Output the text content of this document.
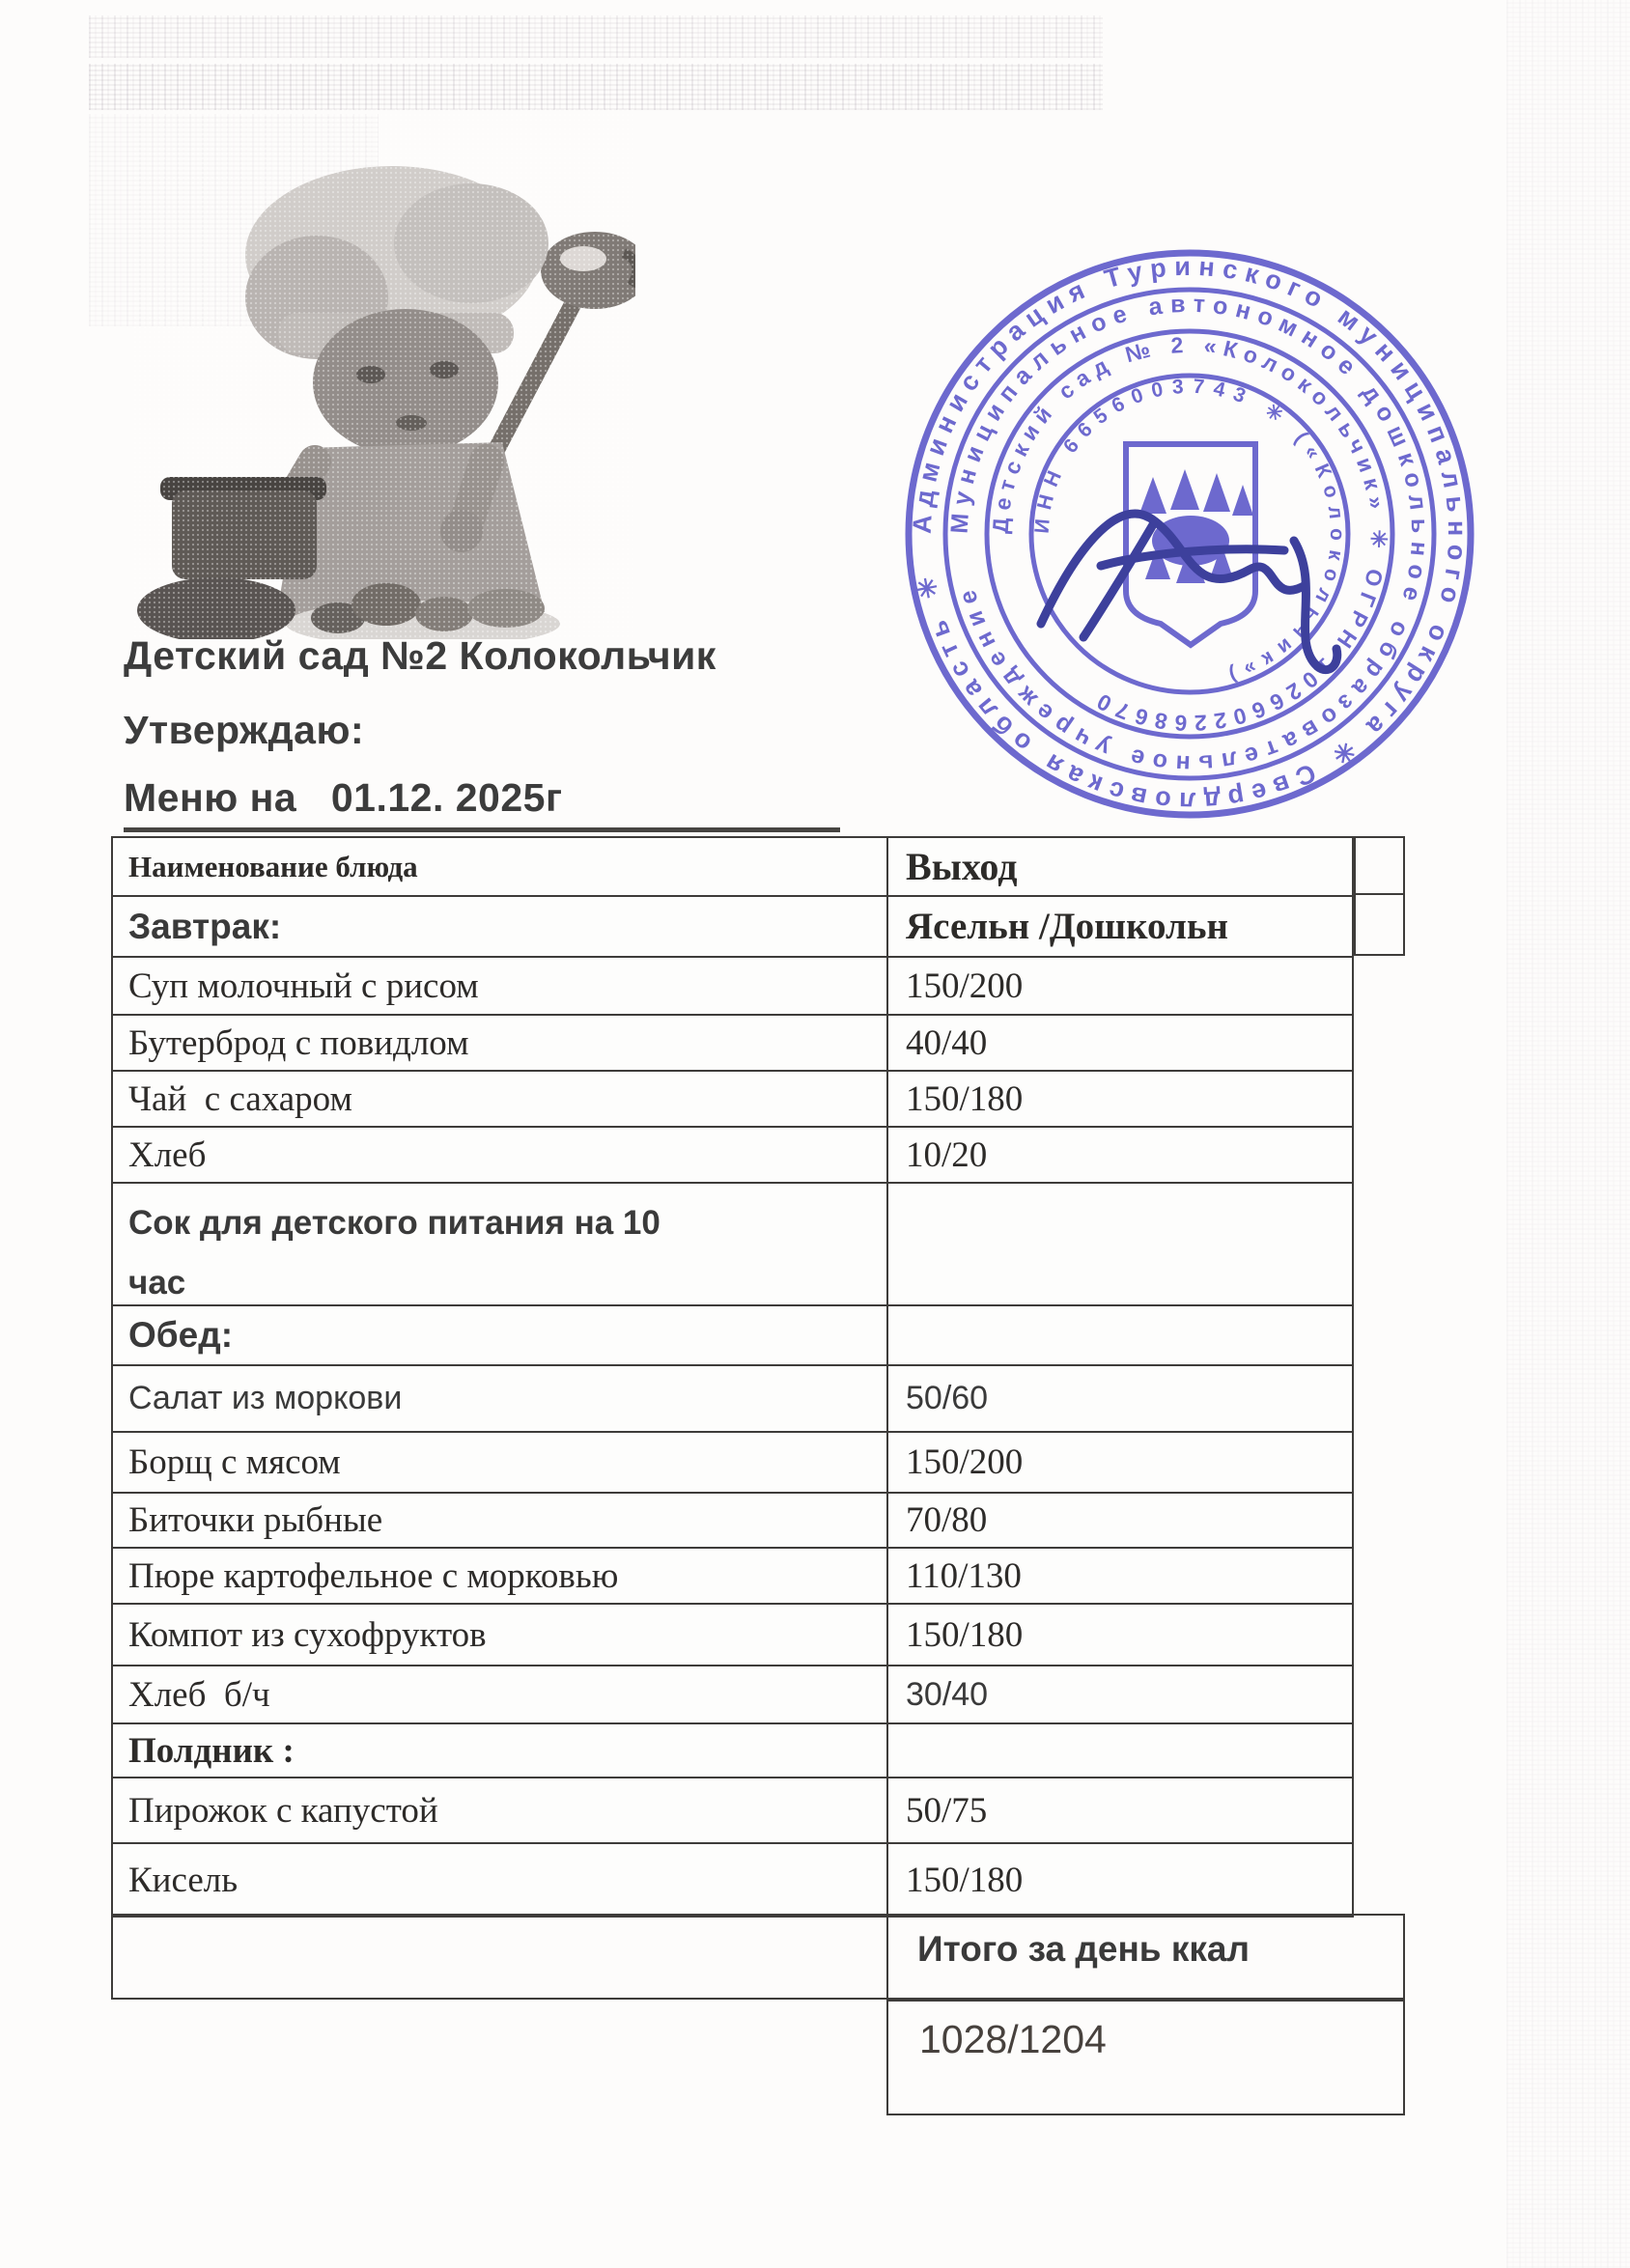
Администрация Туринского муниципального округа ✳ Свердловская область ✳
Муниципальное автономное дошкольное образовательное учреждение
Детский сад № 2 «Колокольчик» ✳ ОГРН 1026602268670
ИНН 6656003743 ✳ («Колокольчик»)
Детский сад №2 Колокольчик
Утверждаю:
Меню на   01.12. 2025г
Наименование блюда	Выход
Завтрак:	Ясельн /Дошкольн
Суп молочный с рисом	150/200
Бутерброд с повидлом	40/40
Чай  с сахаром	150/180
Хлеб	10/20
Сок для детского питания на 10 час
Обед:
Салат из моркови	50/60
Борщ с мясом	150/200
Биточки рыбные	70/80
Пюре картофельное с морковью	110/130
Компот из сухофруктов	150/180
Хлеб  б/ч	30/40
Полдник :
Пирожок с капустой	50/75
Кисель	150/180
Итого за день ккал
1028/1204
